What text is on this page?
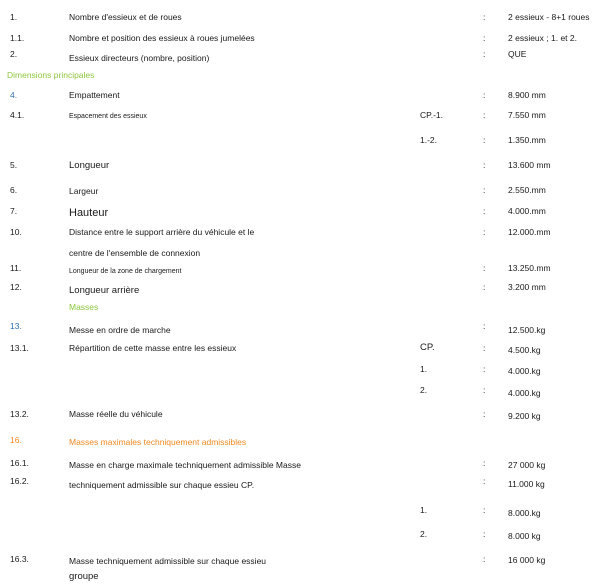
1.	Nombre d'essieux et de roues	:	2 essieux - 8+1 roues
1.1.	Nombre et position des essieux à roues jumelées	:	2 essieux ; 1. et 2.
2.	Essieux directeurs (nombre, position)	:	QUE
Dimensions principales
4.	Empattement	:	8.900 mm
4.1.	Espacement des essieux	CP.-1.	:	7.550 mm
1.-2.	:	1.350.mm
5.	Longueur	:	13.600 mm
6.	Largeur	:	2.550.mm
7.	Hauteur	:	4.000.mm
10.	Distance entre le support arrière du véhicule et le
centre de l'ensemble de connexion
:	12.000.mm
11.	Longueur de la zone de chargement	:	13.250.mm
12.	Longueur arrière	:	3.200 mm
Masses
13.	Messe en ordre de marche	:	12.500.kg
13.1.	Répartition de cette masse entre les essieux	CP.	:	4.500.kg
1.	:	4.000.kg
2.	:	4.000.kg
13.2.	Masse réelle du véhicule	:	9.200 kg
16.	Masses maximales techniquement admissibles
16.1.	Masse en charge maximale techniquement admissible Masse	:	27 000 kg
16.2.	techniquement admissible sur chaque essieu CP.	:	11.000 kg
1.	:	8.000.kg
2.	:	8.000 kg
16.3.	Masse techniquement admissible sur chaque essieu
groupe
:	16 000 kg
